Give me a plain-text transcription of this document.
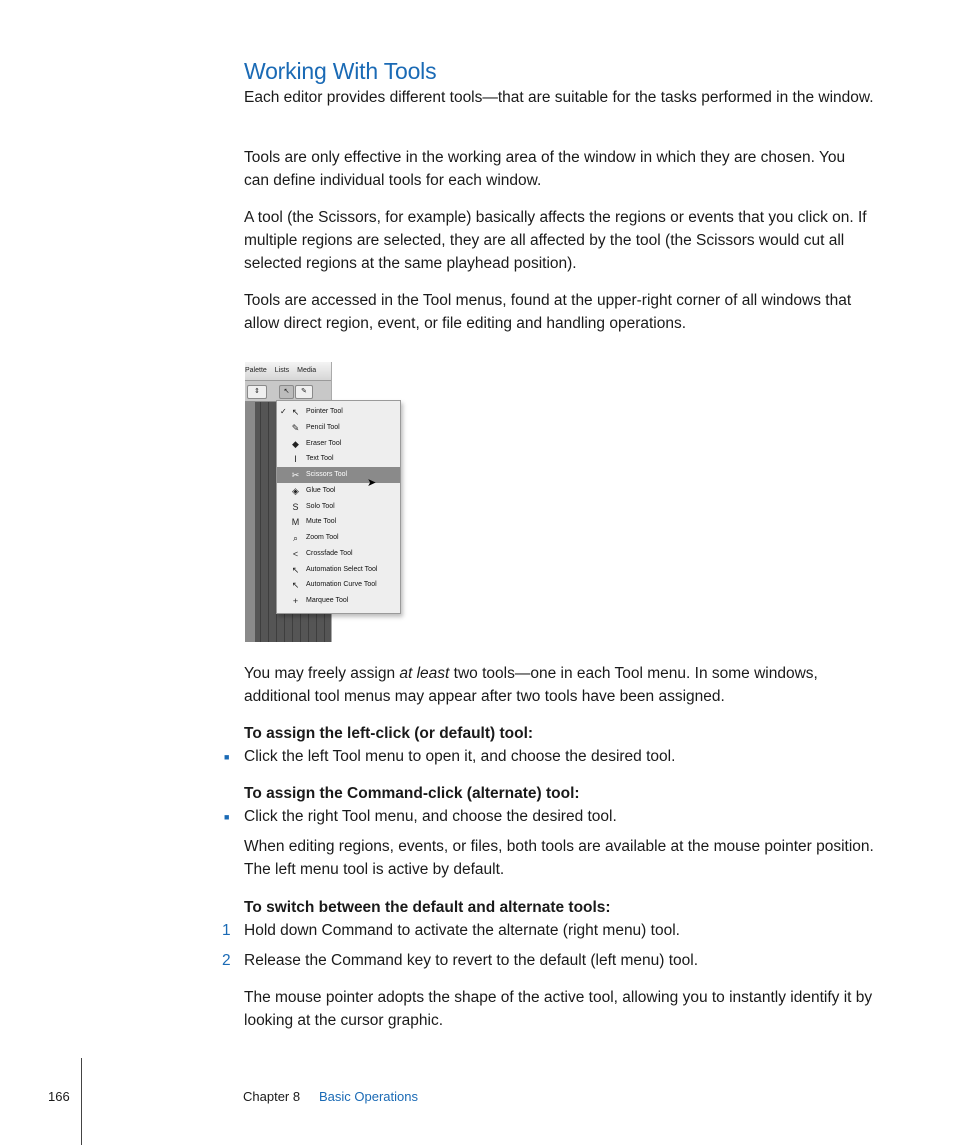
Working With Tools

Each editor provides different tools—that are suitable for the tasks performed in the window.

Tools are only effective in the working area of the window in which they are chosen. You can define individual tools for each window.

A tool (the Scissors, for example) basically affects the regions or events that you click on. If multiple regions are selected, they are all affected by the tool (the Scissors would cut all selected regions at the same playhead position).

Tools are accessed in the Tool menus, found at the upper-right corner of all windows that allow direct region, event, or file editing and handling operations.

Palette Lists Media
⇕	↖	✎
✓ ↖ Pointer Tool
✎ Pencil Tool
◆ Eraser Tool
I	Text Tool
✂ Scissors Tool
◈ Glue Tool
S	Solo Tool
M Mute Tool
⌕	Zoom Tool
<	Crossfade Tool
↖ Automation Select Tool
↖ Automation Curve Tool
+	Marquee Tool
➤

You may freely assign at least two tools—one in each Tool menu. In some windows, additional tool menus may appear after two tools have been assigned.

To assign the left-click (or default) tool:
■ Click the left Tool menu to open it, and choose the desired tool.

To assign the Command-click (alternate) tool:
■ Click the right Tool menu, and choose the desired tool.

When editing regions, events, or files, both tools are available at the mouse pointer position. The left menu tool is active by default.

To switch between the default and alternate tools:
1 Hold down Command to activate the alternate (right menu) tool.

2 Release the Command key to revert to the default (left menu) tool.

The mouse pointer adopts the shape of the active tool, allowing you to instantly identify it by looking at the cursor graphic.

166	Chapter 8 Basic Operations
